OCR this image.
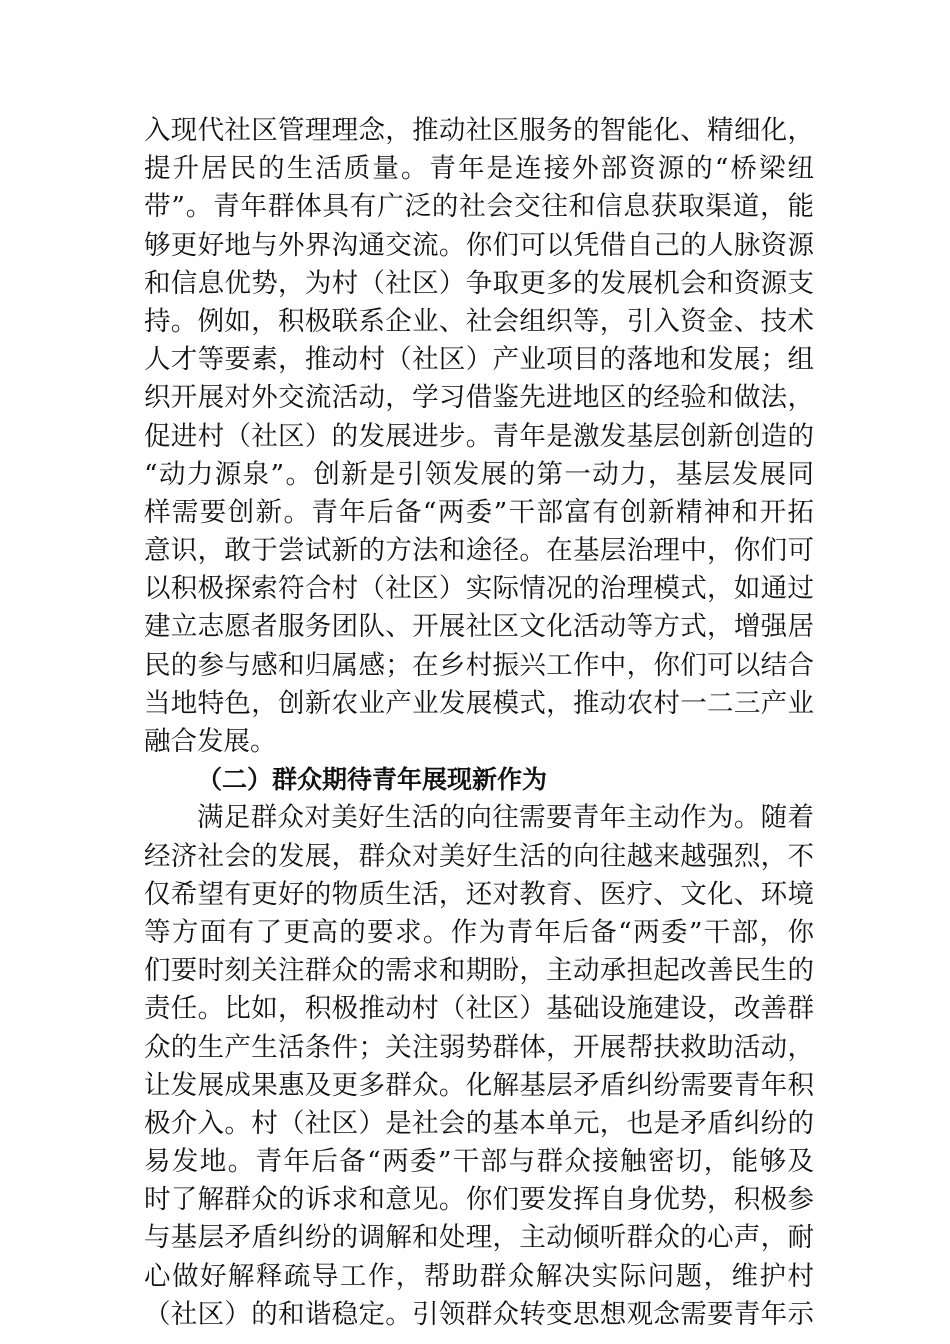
入现代社区管理理念，推动社区服务的智能化、精细化，
提升居民的生活质量。青年是连接外部资源的“桥梁纽
带”。青年群体具有广泛的社会交往和信息获取渠道，能
够更好地与外界沟通交流。你们可以凭借自己的人脉资源
和信息优势，为村（社区）争取更多的发展机会和资源支
持。例如，积极联系企业、社会组织等，引入资金、技术
人才等要素，推动村（社区）产业项目的落地和发展；组
织开展对外交流活动，学习借鉴先进地区的经验和做法，
促进村（社区）的发展进步。青年是激发基层创新创造的
“动力源泉”。创新是引领发展的第一动力，基层发展同
样需要创新。青年后备“两委”干部富有创新精神和开拓
意识，敢于尝试新的方法和途径。在基层治理中，你们可
以积极探索符合村（社区）实际情况的治理模式，如通过
建立志愿者服务团队、开展社区文化活动等方式，增强居
民的参与感和归属感；在乡村振兴工作中，你们可以结合
当地特色，创新农业产业发展模式，推动农村一二三产业
融合发展。
（二）群众期待青年展现新作为
满足群众对美好生活的向往需要青年主动作为。随着
经济社会的发展，群众对美好生活的向往越来越强烈，不
仅希望有更好的物质生活，还对教育、医疗、文化、环境
等方面有了更高的要求。作为青年后备“两委”干部，你
们要时刻关注群众的需求和期盼，主动承担起改善民生的
责任。比如，积极推动村（社区）基础设施建设，改善群
众的生产生活条件；关注弱势群体，开展帮扶救助活动，
让发展成果惠及更多群众。化解基层矛盾纠纷需要青年积
极介入。村（社区）是社会的基本单元，也是矛盾纠纷的
易发地。青年后备“两委”干部与群众接触密切，能够及
时了解群众的诉求和意见。你们要发挥自身优势，积极参
与基层矛盾纠纷的调解和处理，主动倾听群众的心声，耐
心做好解释疏导工作，帮助群众解决实际问题，维护村
（社区）的和谐稳定。引领群众转变思想观念需要青年示
